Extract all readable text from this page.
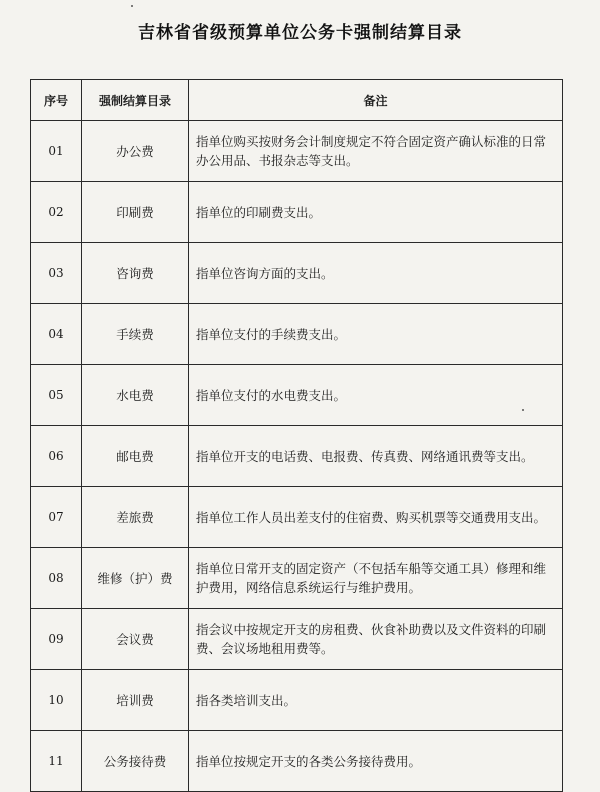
吉林省省级预算单位公务卡强制结算目录
序号	强制结算目录	备注
01	办公费	指单位购买按财务会计制度规定不符合固定资产确认标准的日常办公用品、书报杂志等支出。
02	印刷费	指单位的印刷费支出。
03	咨询费	指单位咨询方面的支出。
04	手续费	指单位支付的手续费支出。
05	水电费	指单位支付的水电费支出。
06	邮电费	指单位开支的电话费、电报费、传真费、网络通讯费等支出。
07	差旅费	指单位工作人员出差支付的住宿费、购买机票等交通费用支出。
08	维修（护）费	指单位日常开支的固定资产（不包括车船等交通工具）修理和维护费用，网络信息系统运行与维护费用。
09	会议费	指会议中按规定开支的房租费、伙食补助费以及文件资料的印刷费、会议场地租用费等。
10	培训费	指各类培训支出。
11	公务接待费	指单位按规定开支的各类公务接待费用。
